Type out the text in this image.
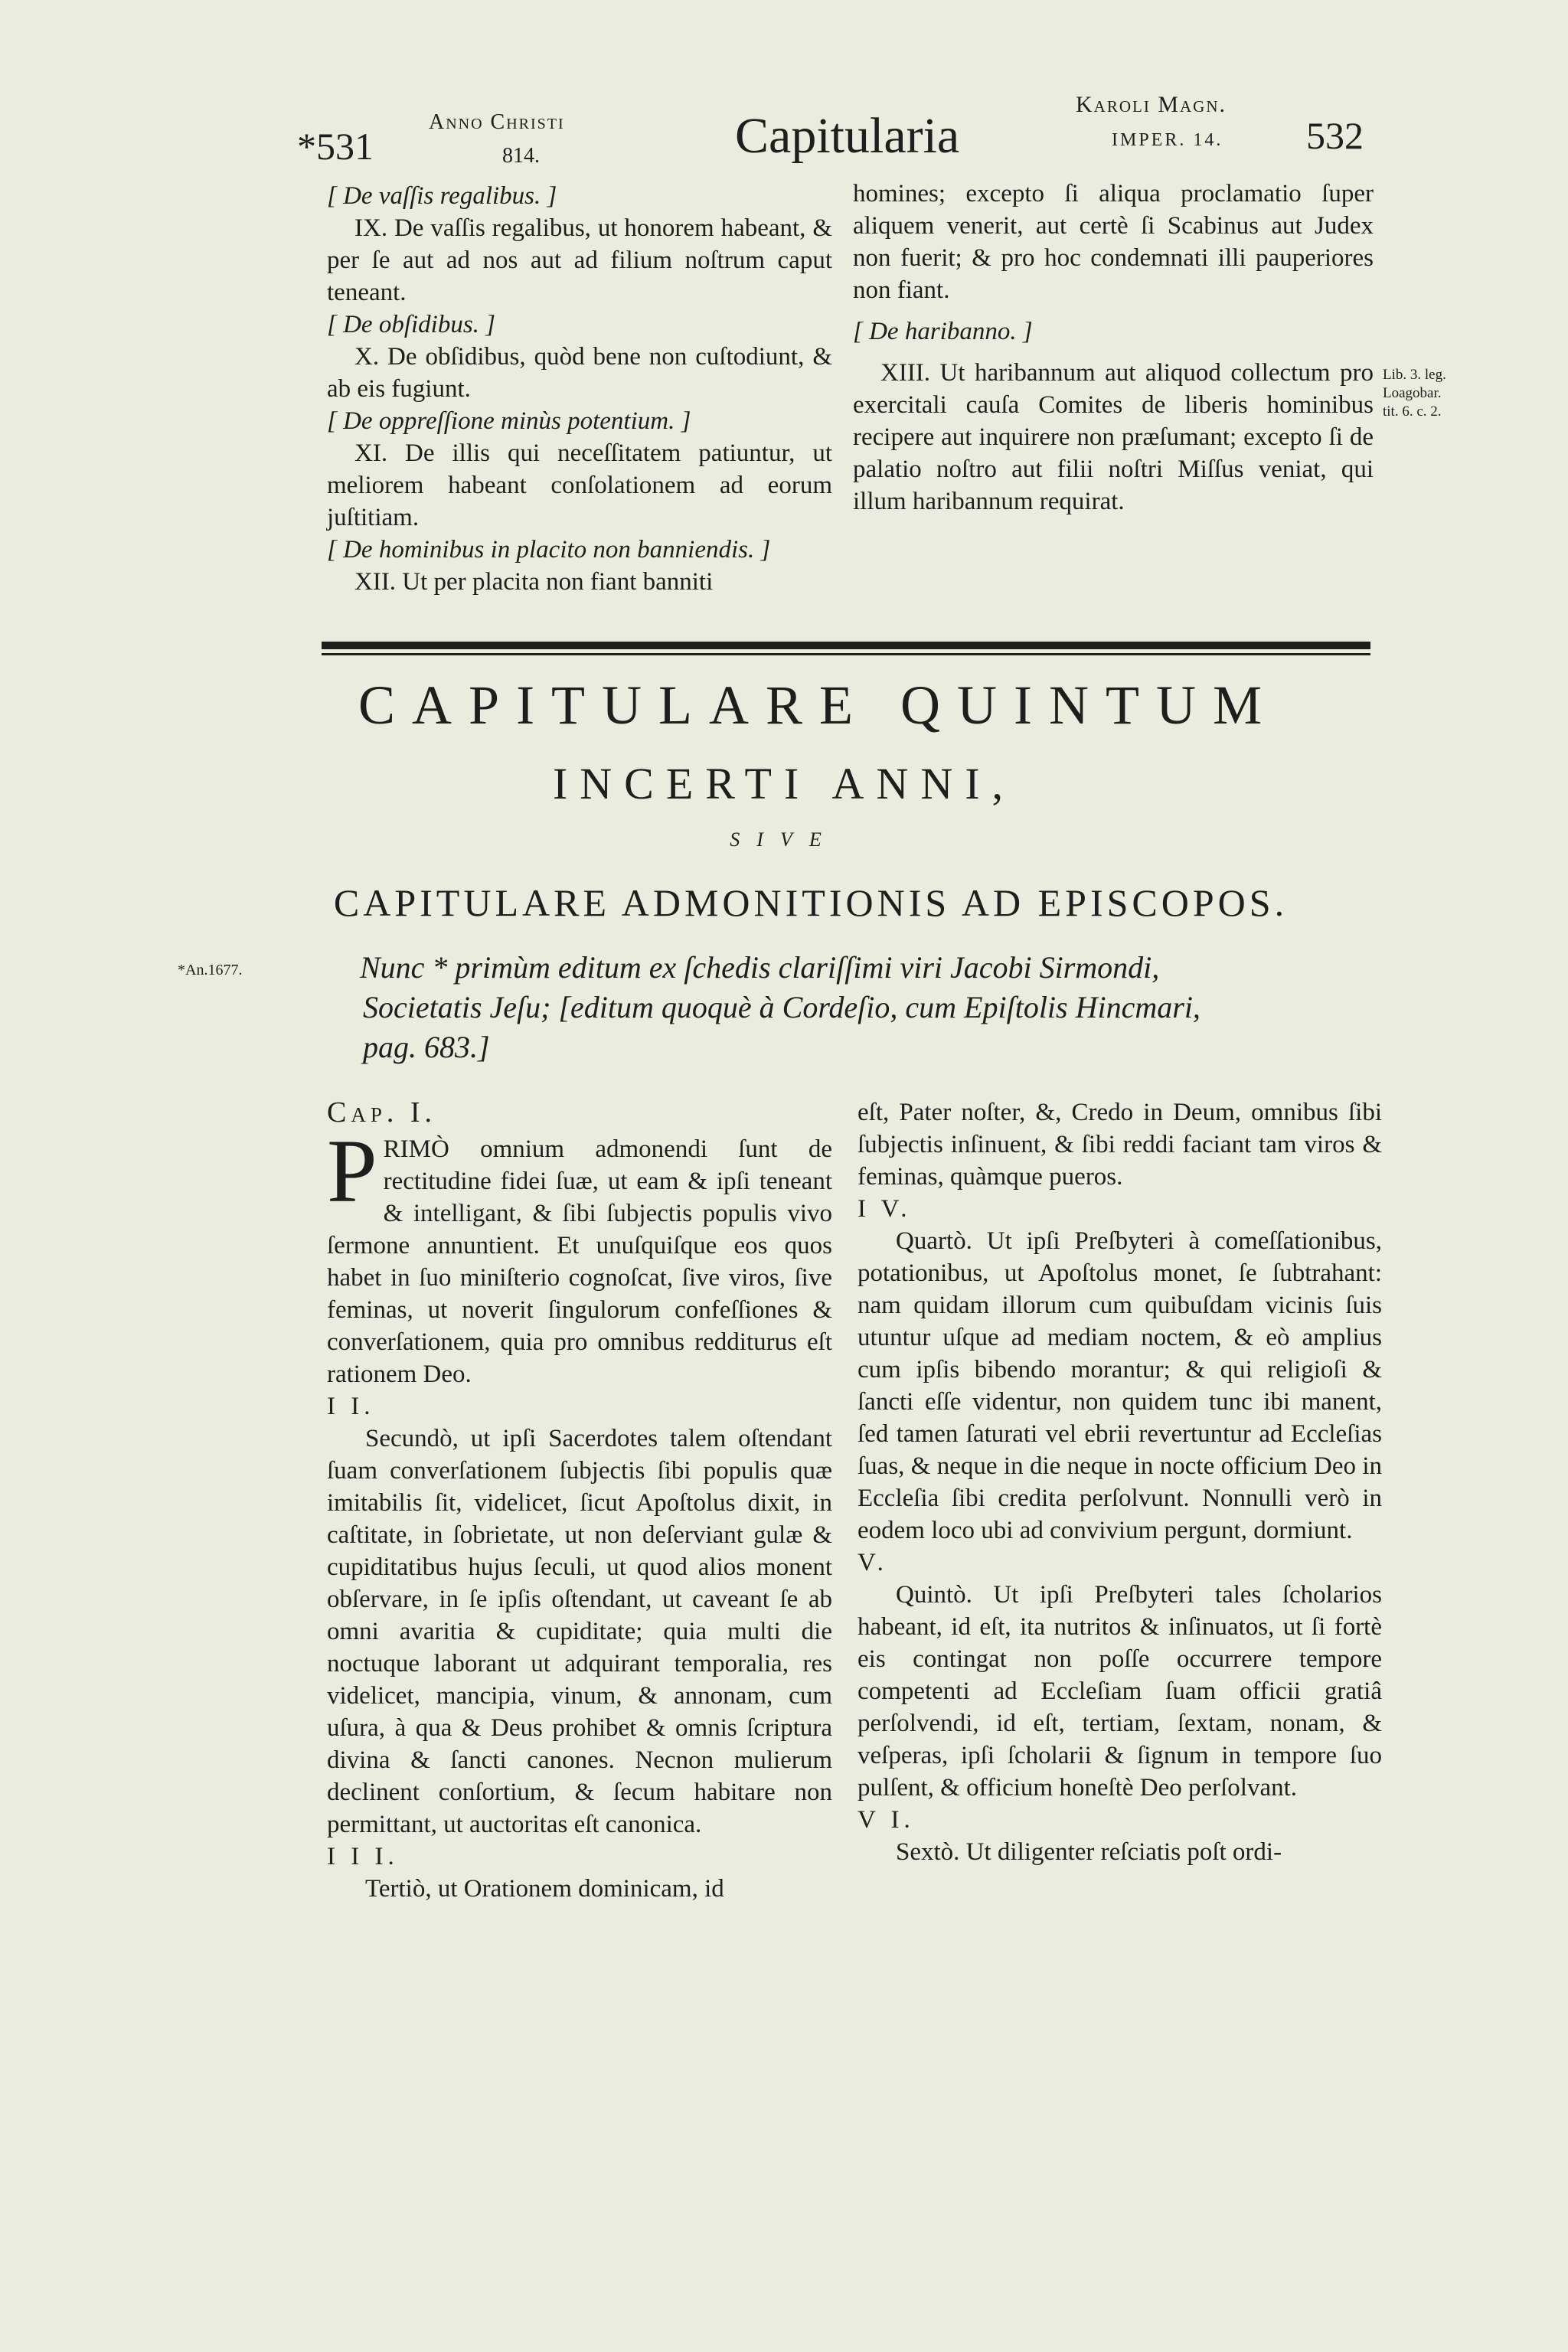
*531
Anno Christi
814.	Capitularia
Karoli Magn.
IMPER. 14. 532

[ De vaſſis regalibus. ]

IX. De vaſſis regalibus, ut honorem habeant, & per ſe aut ad nos aut ad filium noſtrum caput teneant.

[ De obſidibus. ]

X. De obſidibus, quòd bene non cuſtodiunt, & ab eis fugiunt.

[ De oppreſſione minùs potentium. ]

XI. De illis qui neceſſitatem patiuntur, ut meliorem habeant conſolationem ad eorum juſtitiam.

[ De hominibus in placito non banniendis. ]

XII. Ut per placita non fiant banniti

homines; excepto ſi aliqua proclamatio ſuper aliquem venerit, aut certè ſi Scabinus aut Judex non fuerit; & pro hoc condemnati illi pauperiores non fiant.

[ De haribanno. ]

XIII. Ut haribannum aut aliquod collectum pro exercitali cauſa Comites de liberis hominibus recipere aut inquirere non præſumant; excepto ſi de palatio noſtro aut filii noſtri Miſſus veniat, qui illum haribannum requirat.

Lib. 3. leg.
Loagobar.
tit. 6. c. 2.
CAPITULARE QUINTUM
INCERTI ANNI,
SIVE
CAPITULARE ADMONITIONIS AD EPISCOPOS.
*An.1677.	Nunc * primùm editum ex ſchedis clariſſimi viri Jacobi Sirmondi,

Societatis Jeſu; [editum quoquè à Cordeſio, cum Epiſtolis Hincmari,

pag. 683.]

Cap. I.

PRIMÒ omnium admonendi ſunt de rectitudine fidei ſuæ, ut eam & ipſi teneant & intelligant, & ſibi ſubjectis populis vivo ſermone annuntient. Et unuſquiſque eos quos habet in ſuo miniſterio cognoſcat, ſive viros, ſive feminas, ut noverit ſingulorum confeſſiones & converſationem, quia pro omnibus redditurus eſt rationem Deo.

I I.

Secundò, ut ipſi Sacerdotes talem oſtendant ſuam converſationem ſubjectis ſibi populis quæ imitabilis ſit, videlicet, ſicut Apoſtolus dixit, in caſtitate, in ſobrietate, ut non deſerviant gulæ & cupiditatibus hujus ſeculi, ut quod alios monent obſervare, in ſe ipſis oſtendant, ut caveant ſe ab omni avaritia & cupiditate; quia multi die noctuque laborant ut adquirant temporalia, res videlicet, mancipia, vinum, & annonam, cum uſura, à qua & Deus prohibet & omnis ſcriptura divina & ſancti canones. Necnon mulierum declinent conſortium, & ſecum habitare non permittant, ut auctoritas eſt canonica.

I I I.

Tertiò, ut Orationem dominicam, id

eſt, Pater noſter, &, Credo in Deum, omnibus ſibi ſubjectis inſinuent, & ſibi reddi faciant tam viros & feminas, quàmque pueros.

I V.

Quartò. Ut ipſi Preſbyteri à comeſſationibus, potationibus, ut Apoſtolus monet, ſe ſubtrahant: nam quidam illorum cum quibuſdam vicinis ſuis utuntur uſque ad mediam noctem, & eò amplius cum ipſis bibendo morantur; & qui religioſi & ſancti eſſe videntur, non quidem tunc ibi manent, ſed tamen ſaturati vel ebrii revertuntur ad Eccleſias ſuas, & neque in die neque in nocte officium Deo in Eccleſia ſibi credita perſolvunt. Nonnulli verò in eodem loco ubi ad convivium pergunt, dormiunt.

V.

Quintò. Ut ipſi Preſbyteri tales ſcholarios habeant, id eſt, ita nutritos & inſinuatos, ut ſi fortè eis contingat non poſſe occurrere tempore competenti ad Eccleſiam ſuam officii gratiâ perſolvendi, id eſt, tertiam, ſextam, nonam, & veſperas, ipſi ſcholarii & ſignum in tempore ſuo pulſent, & officium honeſtè Deo perſolvant.

V I.

Sextò. Ut diligenter reſciatis poſt ordi-
